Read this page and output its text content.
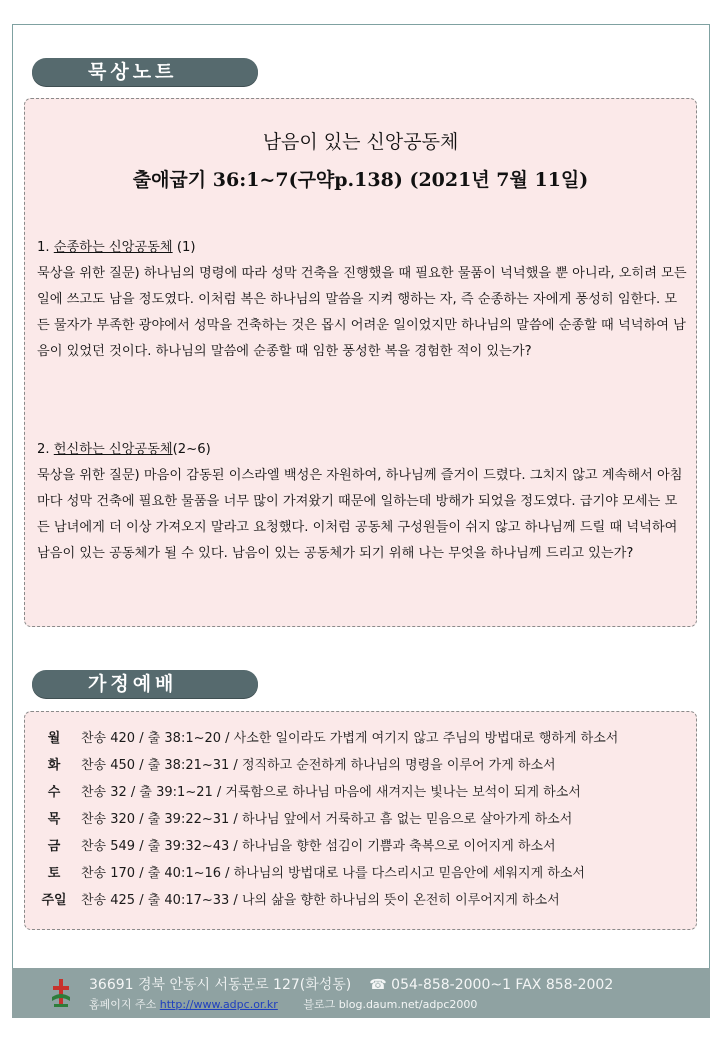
묵상노트
남음이 있는 신앙공동체
출애굽기 36:1~7(구약p.138) (2021년 7월 11일)
1. 순종하는 신앙공동체 (1)
묵상을 위한 질문) 하나님의 명령에 따라 성막 건축을 진행했을 때 필요한 물품이 넉넉했을 뿐 아니라, 오히려 모든 일에 쓰고도 남을 정도였다. 이처럼 복은 하나님의 말씀을 지켜 행하는 자, 즉 순종하는 자에게 풍성히 임한다. 모든 물자가 부족한 광야에서 성막을 건축하는 것은 몹시 어려운 일이었지만 하나님의 말씀에 순종할 때 넉넉하여 남음이 있었던 것이다. 하나님의 말씀에 순종할 때 임한 풍성한 복을 경험한 적이 있는가?
2. 헌신하는 신앙공동체(2~6)
묵상을 위한 질문) 마음이 감동된 이스라엘 백성은 자원하여, 하나님께 즐거이 드렸다. 그치지 않고 계속해서 아침마다 성막 건축에 필요한 물품을 너무 많이 가져왔기 때문에 일하는데 방해가 되었을 정도였다. 급기야 모세는 모든 남녀에게 더 이상 가져오지 말라고 요청했다. 이처럼 공동체 구성원들이 쉬지 않고 하나님께 드릴 때 넉넉하여 남음이 있는 공동체가 될 수 있다. 남음이 있는 공동체가 되기 위해 나는 무엇을 하나님께 드리고 있는가?
가정예배
월	찬송 420 / 출 38:1~20 / 사소한 일이라도 가볍게 여기지 않고 주님의 방법대로 행하게 하소서
화	찬송 450 / 출 38:21~31 / 정직하고 순전하게 하나님의 명령을 이루어 가게 하소서
수	찬송 32 / 출 39:1~21 / 거룩함으로 하나님 마음에 새겨지는 빛나는 보석이 되게 하소서
목	찬송 320 / 출 39:22~31 / 하나님 앞에서 거룩하고 흠 없는 믿음으로 살아가게 하소서
금	찬송 549 / 출 39:32~43 / 하나님을 향한 섬김이 기쁨과 축복으로 이어지게 하소서
토	찬송 170 / 출 40:1~16 / 하나님의 방법대로 나를 다스리시고 믿음안에 세워지게 하소서
주일	찬송 425 / 출 40:17~33 / 나의 삶을 향한 하나님의 뜻이 온전히 이루어지게 하소서
36691 경북 안동시 서동문로 127(화성동) ☎ 054-858-2000~1 FAX 858-2002
홈페이지 주소 http://www.adpc.or.kr 블로그 blog.daum.net/adpc2000
